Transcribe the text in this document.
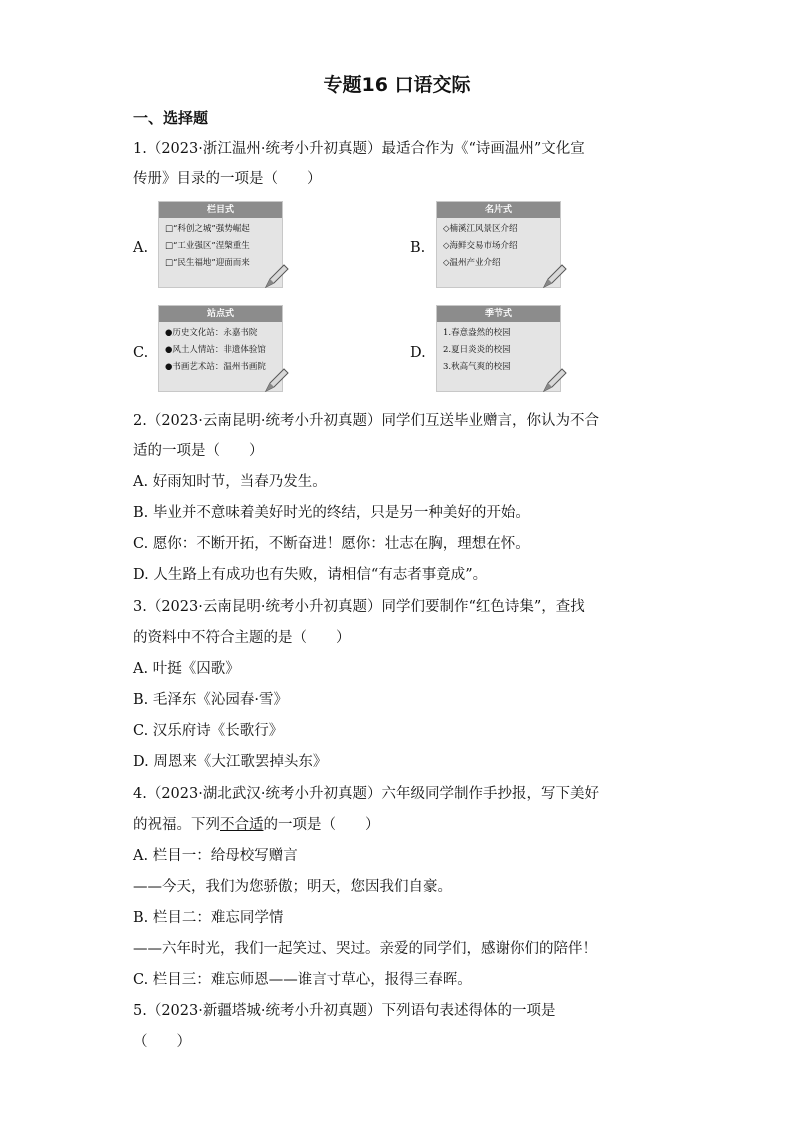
专题16 口语交际
一、选择题
1.（2023·浙江温州·统考小升初真题）最适合作为《“诗画温州”文化宣
传册》目录的一项是（　　）
A.
栏目式
□“科创之城”强势崛起
□“工业强区”涅槃重生
□“民生福地”迎面而来
B.
名片式
◇楠溪江风景区介绍
◇海鲜交易市场介绍
◇温州产业介绍
C.
站点式
●历史文化站：永嘉书院
●风土人情站：非遗体验馆
●书画艺术站：温州书画院
D.
季节式
1.春意盎然的校园
2.夏日炎炎的校园
3.秋高气爽的校园
2.（2023·云南昆明·统考小升初真题）同学们互送毕业赠言，你认为不合
适的一项是（　　）
A. 好雨知时节，当春乃发生。
B. 毕业并不意味着美好时光的终结，只是另一种美好的开始。
C. 愿你：不断开拓，不断奋进！愿你：壮志在胸，理想在怀。
D. 人生路上有成功也有失败，请相信“有志者事竟成”。
3.（2023·云南昆明·统考小升初真题）同学们要制作“红色诗集”，查找
的资料中不符合主题的是（　　）
A. 叶挺《囚歌》
B. 毛泽东《沁园春·雪》
C. 汉乐府诗《长歌行》
D. 周恩来《大江歌罢掉头东》
4.（2023·湖北武汉·统考小升初真题）六年级同学制作手抄报，写下美好
的祝福。下列不合适的一项是（　　）
A. 栏目一：给母校写赠言
——今天，我们为您骄傲；明天，您因我们自豪。
B. 栏目二：难忘同学情
——六年时光，我们一起笑过、哭过。亲爱的同学们，感谢你们的陪伴！
C. 栏目三：难忘师恩——谁言寸草心，报得三春晖。
5.（2023·新疆塔城·统考小升初真题）下列语句表述得体的一项是
（　　）
